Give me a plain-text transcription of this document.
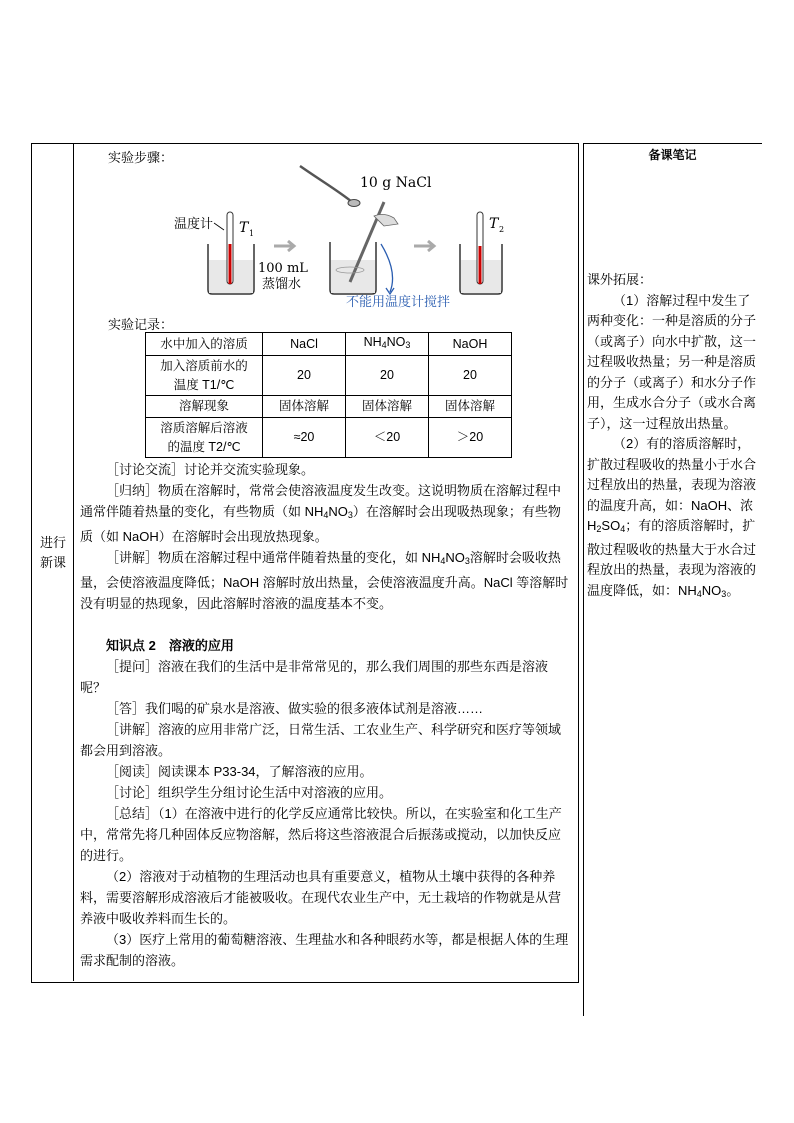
进行新课
备课笔记

课外拓展：

（1）溶解过程中发生了两种变化：一种是溶质的分子（或离子）向水中扩散，这一过程吸收热量；另一种是溶质的分子（或离子）和水分子作用，生成水合分子（或水合离子），这一过程放出热量。

（2）有的溶质溶解时，扩散过程吸收的热量小于水合过程放出的热量，表现为溶液的温度升高，如：NaOH、浓$H_2SO_4$；有的溶质溶解时，扩散过程吸收的热量大于水合过程放出的热量，表现为溶液的温度降低，如：$NH_4NO_3$。

实验步骤：
10 g NaCl
温度计 T 1
100 mL
蒸馏水
不能用温度计搅拌
T 2
实验记录：
水中加入的溶质	NaCl	$NH_4NO_3$	NaOH
加入溶质前水的
温度 T1/℃	20	20	20
溶解现象	固体溶解	固体溶解	固体溶解
溶质溶解后溶液
的温度 T2/℃	≈20	＜20	＞20

［讨论交流］讨论并交流实验现象。

［归纳］物质在溶解时，常常会使溶液温度发生改变。这说明物质在溶解过程中通常伴随着热量的变化，有些物质（如 $NH_4NO_3$）在溶解时会出现吸热现象；有些物质（如 NaOH）在溶解时会出现放热现象。

［讲解］物质在溶解过程中通常伴随着热量的变化，如 $NH_4NO_3$溶解时会吸收热量，会使溶液温度降低；NaOH 溶解时放出热量，会使溶液温度升高。NaCl 等溶解时没有明显的热现象，因此溶解时溶液的温度基本不变。

知识点 2　溶液的应用

［提问］溶液在我们的生活中是非常常见的，那么我们周围的那些东西是溶液呢？

［答］我们喝的矿泉水是溶液、做实验的很多液体试剂是溶液……

［讲解］溶液的应用非常广泛，日常生活、工农业生产、科学研究和医疗等领域都会用到溶液。

［阅读］阅读课本 P33-34，了解溶液的应用。

［讨论］组织学生分组讨论生活中对溶液的应用。

［总结］（1）在溶液中进行的化学反应通常比较快。所以，在实验室和化工生产中，常常先将几种固体反应物溶解，然后将这些溶液混合后振荡或搅动，以加快反应的进行。

（2）溶液对于动植物的生理活动也具有重要意义，植物从土壤中获得的各种养料，需要溶解形成溶液后才能被吸收。在现代农业生产中，无土栽培的作物就是从营养液中吸收养料而生长的。

（3）医疗上常用的葡萄糖溶液、生理盐水和各种眼药水等，都是根据人体的生理需求配制的溶液。
